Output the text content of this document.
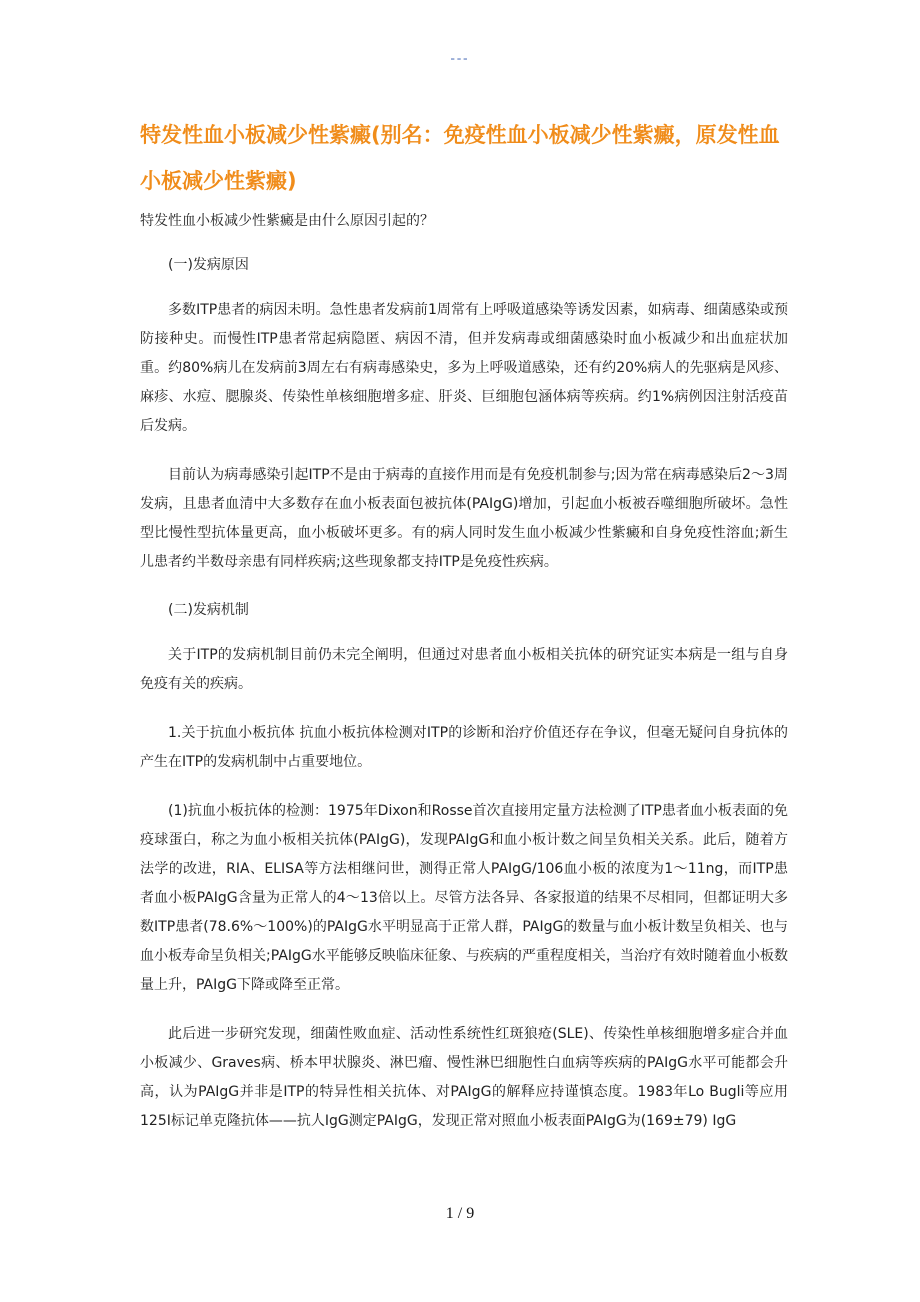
---
特发性血小板减少性紫癜(别名：免疫性血小板减少性紫癜，原发性血小板减少性紫癜)

特发性血小板减少性紫癜是由什么原因引起的？

(一)发病原因

多数ITP患者的病因未明。急性患者发病前1周常有上呼吸道感染等诱发因素，如病毒、细菌感染或预防接种史。而慢性ITP患者常起病隐匿、病因不清，但并发病毒或细菌感染时血小板减少和出血症状加重。约80%病儿在发病前3周左右有病毒感染史，多为上呼吸道感染，还有约20%病人的先驱病是风疹、麻疹、水痘、腮腺炎、传染性单核细胞增多症、肝炎、巨细胞包涵体病等疾病。约1%病例因注射活疫苗后发病。

目前认为病毒感染引起ITP不是由于病毒的直接作用而是有免疫机制参与;因为常在病毒感染后2～3周发病，且患者血清中大多数存在血小板表面包被抗体(PAIgG)增加，引起血小板被吞噬细胞所破坏。急性型比慢性型抗体量更高，血小板破坏更多。有的病人同时发生血小板减少性紫癜和自身免疫性溶血;新生儿患者约半数母亲患有同样疾病;这些现象都支持ITP是免疫性疾病。

(二)发病机制

关于ITP的发病机制目前仍未完全阐明，但通过对患者血小板相关抗体的研究证实本病是一组与自身免疫有关的疾病。

1.关于抗血小板抗体 抗血小板抗体检测对ITP的诊断和治疗价值还存在争议，但毫无疑问自身抗体的产生在ITP的发病机制中占重要地位。

(1)抗血小板抗体的检测：1975年Dixon和Rosse首次直接用定量方法检测了ITP患者血小板表面的免疫球蛋白，称之为血小板相关抗体(PAIgG)，发现PAIgG和血小板计数之间呈负相关关系。此后，随着方法学的改进，RIA、ELISA等方法相继问世，测得正常人PAIgG/106血小板的浓度为1～11ng，而ITP患者血小板PAIgG含量为正常人的4～13倍以上。尽管方法各异、各家报道的结果不尽相同，但都证明大多数ITP患者(78.6%～100%)的PAIgG水平明显高于正常人群，PAIgG的数量与血小板计数呈负相关、也与血小板寿命呈负相关;PAIgG水平能够反映临床征象、与疾病的严重程度相关，当治疗有效时随着血小板数量上升，PAIgG下降或降至正常。

此后进一步研究发现，细菌性败血症、活动性系统性红斑狼疮(SLE)、传染性单核细胞增多症合并血小板减少、Graves病、桥本甲状腺炎、淋巴瘤、慢性淋巴细胞性白血病等疾病的PAIgG水平可能都会升高，认为PAIgG并非是ITP的特异性相关抗体、对PAIgG的解释应持谨慎态度。1983年Lo Bugli等应用125I标记单克隆抗体——抗人IgG测定PAIgG，发现正常对照血小板表面PAIgG为(169±79) IgG

1 / 9
